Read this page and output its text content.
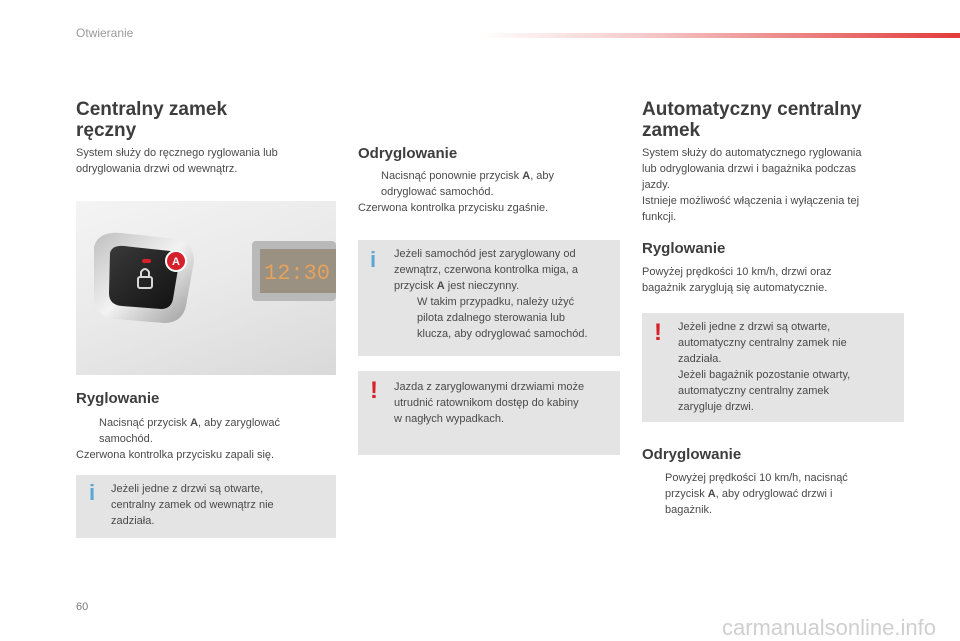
Otwieranie
Centralny zamek
ręczny
System służy do ręcznego ryglowania lub
odryglowania drzwi od wewnątrz.
A	12:30
Ryglowanie
Nacisnąć przycisk A, aby zaryglować
samochód.
Czerwona kontrolka przycisku zapali się.
i Jeżeli jedne z drzwi są otwarte,
centralny zamek od wewnątrz nie
zadziała.
Odryglowanie
Nacisnąć ponownie przycisk A, aby
odryglować samochód.
Czerwona kontrolka przycisku zgaśnie.
i Jeżeli samochód jest zaryglowany od
zewnątrz, czerwona kontrolka miga, a
przycisk A jest nieczynny.
W takim przypadku, należy użyć
pilota zdalnego sterowania lub
klucza, aby odryglować samochód.
! Jazda z zaryglowanymi drzwiami może
utrudnić ratownikom dostęp do kabiny
w nagłych wypadkach.
Automatyczny centralny
zamek
System służy do automatycznego ryglowania
lub odryglowania drzwi i bagażnika podczas
jazdy.
Istnieje możliwość włączenia i wyłączenia tej
funkcji.
Ryglowanie
Powyżej prędkości 10 km/h, drzwi oraz
bagażnik zaryglują się automatycznie.
! Jeżeli jedne z drzwi są otwarte,
automatyczny centralny zamek nie
zadziała.
Jeżeli bagażnik pozostanie otwarty,
automatyczny centralny zamek
zarygluje drzwi.
Odryglowanie
Powyżej prędkości 10 km/h, nacisnąć
przycisk A, aby odryglować drzwi i
bagażnik.
60
carmanualsonline.info
